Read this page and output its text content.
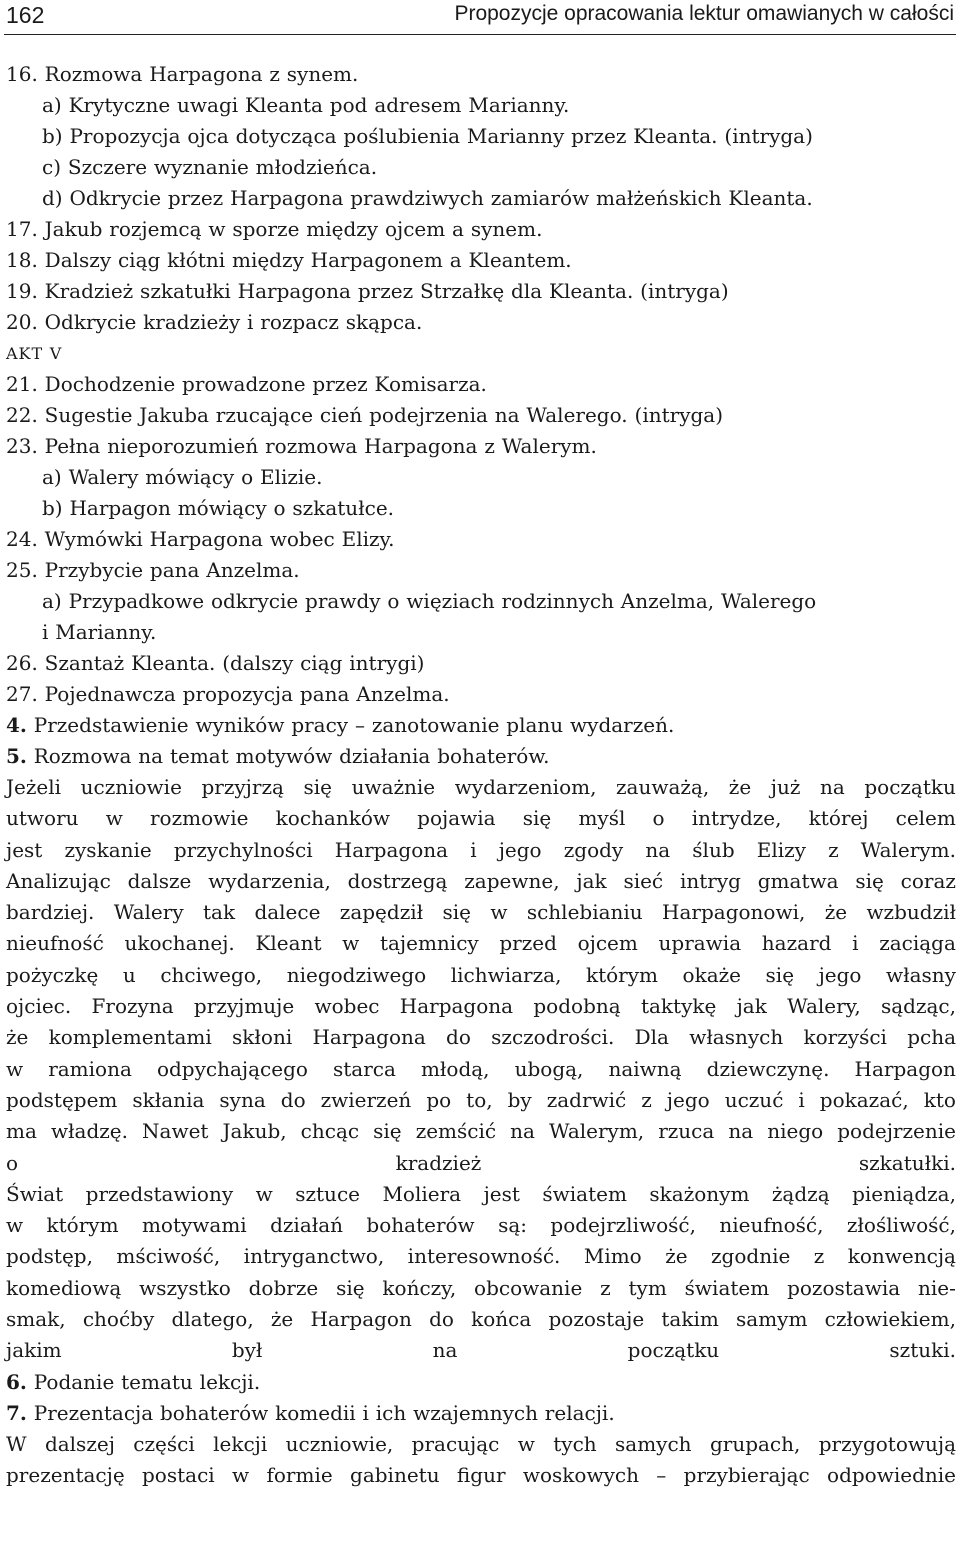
162	Propozycje opracowania lektur omawianych w całości
16. Rozmowa Harpagona z synem.
a) Krytyczne uwagi Kleanta pod adresem Marianny.
b) Propozycja ojca dotycząca poślubienia Marianny przez Kleanta. (intryga)
c) Szczere wyznanie młodzieńca.
d) Odkrycie przez Harpagona prawdziwych zamiarów małżeńskich Kleanta.
17. Jakub rozjemcą w sporze między ojcem a synem.
18. Dalszy ciąg kłótni między Harpagonem a Kleantem.
19. Kradzież szkatułki Harpagona przez Strzałkę dla Kleanta. (intryga)
20. Odkrycie kradzieży i rozpacz skąpca.
AKT V
21. Dochodzenie prowadzone przez Komisarza.
22. Sugestie Jakuba rzucające cień podejrzenia na Walerego. (intryga)
23. Pełna nieporozumień rozmowa Harpagona z Walerym.
a) Walery mówiący o Elizie.
b) Harpagon mówiący o szkatułce.
24. Wymówki Harpagona wobec Elizy.
25. Przybycie pana Anzelma.
a) Przypadkowe odkrycie prawdy o więziach rodzinnych Anzelma, Walerego
i Marianny.
26. Szantaż Kleanta. (dalszy ciąg intrygi)
27. Pojednawcza propozycja pana Anzelma.
4. Przedstawienie wyników pracy – zanotowanie planu wydarzeń.
5. Rozmowa na temat motywów działania bohaterów.
Jeżeli uczniowie przyjrzą się uważnie wydarzeniom, zauważą, że już na początku
utworu w rozmowie kochanków pojawia się myśl o intrydze, której celem
jest zyskanie przychylności Harpagona i jego zgody na ślub Elizy z Walerym.
Analizując dalsze wydarzenia, dostrzegą zapewne, jak sieć intryg gmatwa się coraz
bardziej. Walery tak dalece zapędził się w schlebianiu Harpagonowi, że wzbudził
nieufność ukochanej. Kleant w tajemnicy przed ojcem uprawia hazard i zaciąga
pożyczkę u chciwego, niegodziwego lichwiarza, którym okaże się jego własny
ojciec. Frozyna przyjmuje wobec Harpagona podobną taktykę jak Walery, sądząc,
że komplementami skłoni Harpagona do szczodrości. Dla własnych korzyści pcha
w ramiona odpychającego starca młodą, ubogą, naiwną dziewczynę. Harpagon
podstępem skłania syna do zwierzeń po to, by zadrwić z jego uczuć i pokazać, kto
ma władzę. Nawet Jakub, chcąc się zemścić na Walerym, rzuca na niego podejrzenie
o kradzież szkatułki.
Świat przedstawiony w sztuce Moliera jest światem skażonym żądzą pieniądza,
w którym motywami działań bohaterów są: podejrzliwość, nieufność, złośliwość,
podstęp, mściwość, intryganctwo, interesowność. Mimo że zgodnie z konwencją
komediową wszystko dobrze się kończy, obcowanie z tym światem pozostawia nie-
smak, choćby dlatego, że Harpagon do końca pozostaje takim samym człowiekiem,
jakim był na początku sztuki.
6. Podanie tematu lekcji.
7. Prezentacja bohaterów komedii i ich wzajemnych relacji.
W dalszej części lekcji uczniowie, pracując w tych samych grupach, przygotowują
prezentację postaci w formie gabinetu figur woskowych – przybierając odpowiednie
